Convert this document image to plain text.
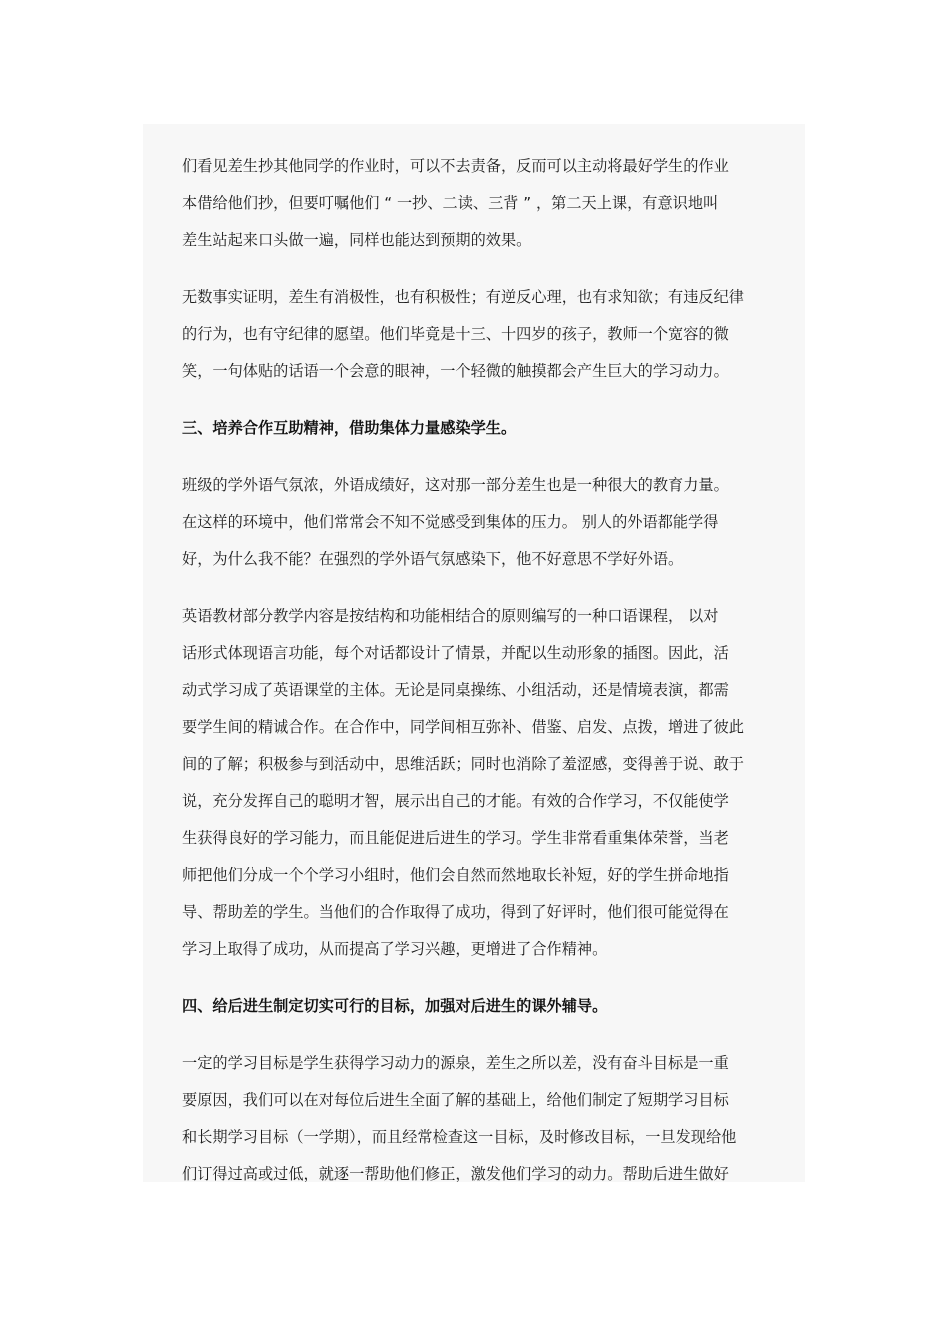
们看见差生抄其他同学的作业时，可以不去责备，反而可以主动将最好学生的作业
本借给他们抄，但要叮嘱他们 “ 一抄、二读、三背 ” ，第二天上课，有意识地叫
差生站起来口头做一遍，同样也能达到预期的效果。
无数事实证明，差生有消极性，也有积极性；有逆反心理，也有求知欲；有违反纪律
的行为，也有守纪律的愿望。他们毕竟是十三、十四岁的孩子，教师一个宽容的微
笑，一句体贴的话语一个会意的眼神，一个轻微的触摸都会产生巨大的学习动力。
三、培养合作互助精神，借助集体力量感染学生。
班级的学外语气氛浓，外语成绩好，这对那一部分差生也是一种很大的教育力量。
在这样的环境中，他们常常会不知不觉感受到集体的压力。 别人的外语都能学得
好，为什么我不能？在强烈的学外语气氛感染下，他不好意思不学好外语。
英语教材部分教学内容是按结构和功能相结合的原则编写的一种口语课程， 以对
话形式体现语言功能，每个对话都设计了情景，并配以生动形象的插图。因此，活
动式学习成了英语课堂的主体。无论是同桌操练、小组活动，还是情境表演，都需
要学生间的精诚合作。在合作中，同学间相互弥补、借鉴、启发、点拨，增进了彼此
间的了解；积极参与到活动中，思维活跃；同时也消除了羞涩感，变得善于说、敢于
说，充分发挥自己的聪明才智，展示出自己的才能。有效的合作学习，不仅能使学
生获得良好的学习能力，而且能促进后进生的学习。学生非常看重集体荣誉，当老
师把他们分成一个个学习小组时，他们会自然而然地取长补短，好的学生拼命地指
导、帮助差的学生。当他们的合作取得了成功，得到了好评时，他们很可能觉得在
学习上取得了成功，从而提高了学习兴趣，更增进了合作精神。
四、给后进生制定切实可行的目标，加强对后进生的课外辅导。
一定的学习目标是学生获得学习动力的源泉，差生之所以差，没有奋斗目标是一重
要原因，我们可以在对每位后进生全面了解的基础上，给他们制定了短期学习目标
和长期学习目标（一学期），而且经常检查这一目标，及时修改目标，一旦发现给他
们订得过高或过低，就逐一帮助他们修正，激发他们学习的动力。帮助后进生做好
